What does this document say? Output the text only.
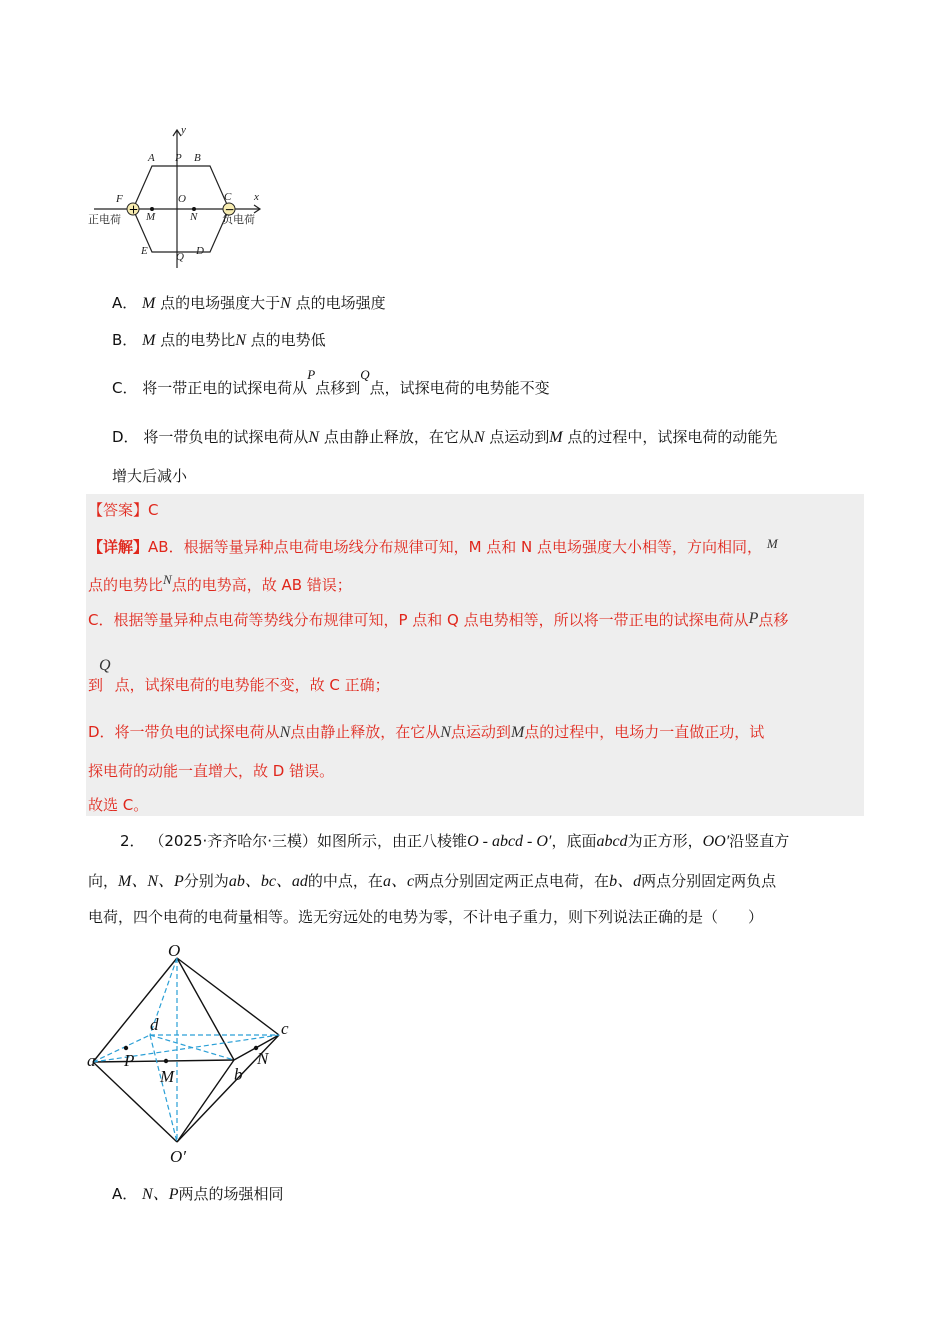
+	−
y
x
A P B
F	O	C
M	N
E	Q D
正电荷	负电荷
A． M 点的电场强度大于N 点的电场强度
B． M 点的电势比N 点的电势低
C． 将一带正电的试探电荷从P点移到Q点，试探电荷的电势能不变
D． 将一带负电的试探电荷从N 点由静止释放，在它从N 点运动到M 点的过程中，试探电荷的动能先
增大后减小
【答案】C
【详解】AB．根据等量异种点电荷电场线分布规律可知，M 点和 N 点电场强度大小相等，方向相同， M
点的电势比N点的电势高，故 AB 错误；
C．根据等量异种点电荷等势线分布规律可知，P 点和 Q 点电势相等，所以将一带正电的试探电荷从P点移
到Q点，试探电荷的电势能不变，故 C 正确；
D．将一带负电的试探电荷从N点由静止释放，在它从N点运动到M点的过程中，电场力一直做正功，试
探电荷的动能一直增大，故 D 错误。
故选 C。
2． （2025·齐齐哈尔·三模）如图所示，由正八棱锥O - abcd - O′，底面abcd为正方形，OO′沿竖直方
向，M、N、P分别为ab、bc、ad的中点，在a、c两点分别固定两正点电荷，在b、d两点分别固定两负点
电荷，四个电荷的电荷量相等。选无穷远处的电势为零，不计电子重力，则下列说法正确的是（　　）
O
d	c
a P
M	b
N
O′
A． N、P两点的场强相同
